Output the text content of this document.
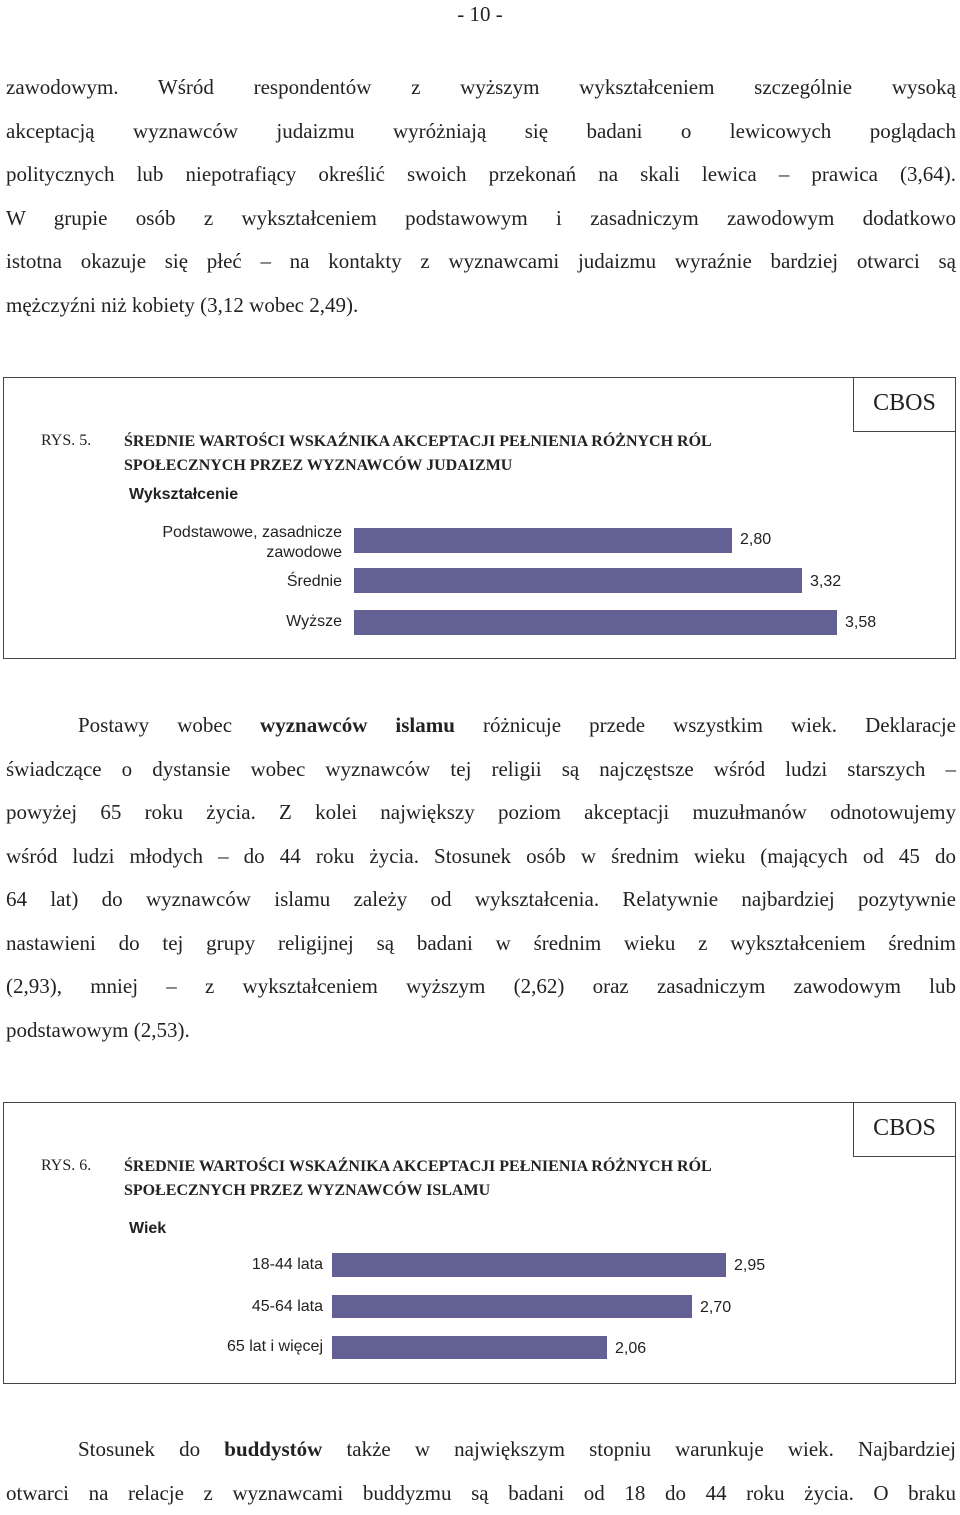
- 10 -
zawodowym. Wśród respondentów z wyższym wykształceniem szczególnie wysoką
akceptacją wyznawców judaizmu wyróżniają się badani o lewicowych poglądach
politycznych lub niepotrafiący określić swoich przekonań na skali lewica – prawica (3,64).
W grupie osób z wykształceniem podstawowym i zasadniczym zawodowym dodatkowo
istotna okazuje się płeć – na kontakty z wyznawcami judaizmu wyraźnie bardziej otwarci są
mężczyźni niż kobiety (3,12 wobec 2,49).
CBOS
RYS. 5. ŚREDNIE WARTOŚCI WSKAŹNIKA AKCEPTACJI PEŁNIENIA RÓŻNYCH RÓL
SPOŁECZNYCH PRZEZ WYZNAWCÓW JUDAIZMU
Wykształcenie
Podstawowe, zasadnicze zawodowe
Średnie
Wyższe
2,80
3,32
3,58
Postawy wobec wyznawców islamu różnicuje przede wszystkim wiek. Deklaracje
świadczące o dystansie wobec wyznawców tej religii są najczęstsze wśród ludzi starszych –
powyżej 65 roku życia. Z kolei największy poziom akceptacji muzułmanów odnotowujemy
wśród ludzi młodych – do 44 roku życia. Stosunek osób w średnim wieku (mających od 45 do
64 lat) do wyznawców islamu zależy od wykształcenia. Relatywnie najbardziej pozytywnie
nastawieni do tej grupy religijnej są badani w średnim wieku z wykształceniem średnim
(2,93), mniej – z wykształceniem wyższym (2,62) oraz zasadniczym zawodowym lub
podstawowym (2,53).
CBOS
RYS. 6. ŚREDNIE WARTOŚCI WSKAŹNIKA AKCEPTACJI PEŁNIENIA RÓŻNYCH RÓL
SPOŁECZNYCH PRZEZ WYZNAWCÓW ISLAMU
Wiek
18-44 lata
45-64 lata
65 lat i więcej
2,95
2,70
2,06
Stosunek do buddystów także w największym stopniu warunkuje wiek. Najbardziej
otwarci na relacje z wyznawcami buddyzmu są badani od 18 do 44 roku życia. O braku
